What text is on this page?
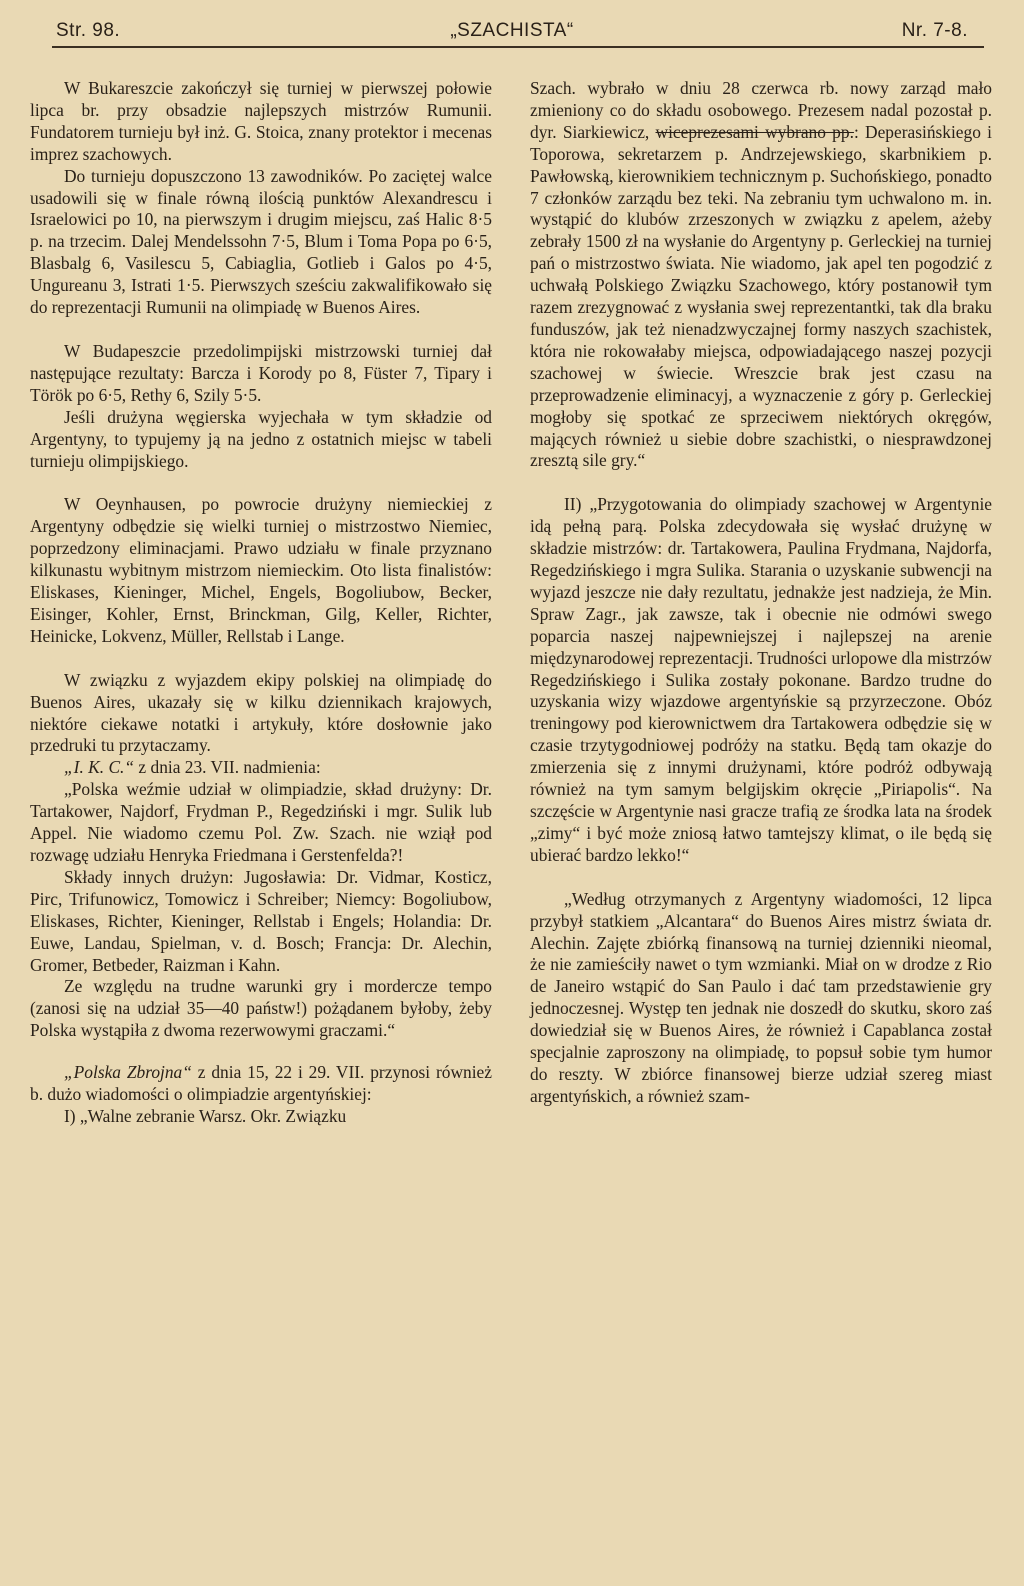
Str. 98.	„SZACHISTA“	Nr. 7-8.

W Bukareszcie zakończył się turniej w pierwszej połowie lipca br. przy obsadzie najlepszych mistrzów Rumunii. Fundatorem turnieju był inż. G. Stoica, znany protektor i mecenas imprez szachowych.

Do turnieju dopuszczono 13 zawodników. Po zaciętej walce usadowili się w finale równą ilością punktów Alexandrescu i Israelowici po 10, na pierwszym i drugim miejscu, zaś Halic 8·5 p. na trzecim. Dalej Mendelssohn 7·5, Blum i Toma Popa po 6·5, Blasbalg 6, Vasilescu 5, Cabiaglia, Gotlieb i Galos po 4·5, Ungureanu 3, Istrati 1·5. Pierwszych sześciu zakwalifikowało się do reprezentacji Rumunii na olimpiadę w Buenos Aires.

W Budapeszcie przedolimpijski mistrzowski turniej dał następujące rezultaty: Barcza i Korody po 8, Füster 7, Tipary i Török po 6·5, Rethy 6, Szily 5·5.

Jeśli drużyna węgierska wyjechała w tym składzie od Argentyny, to typujemy ją na jedno z ostatnich miejsc w tabeli turnieju olimpijskiego.

W Oeynhausen, po powrocie drużyny niemieckiej z Argentyny odbędzie się wielki turniej o mistrzostwo Niemiec, poprzedzony eliminacjami. Prawo udziału w finale przyznano kilkunastu wybitnym mistrzom niemieckim. Oto lista finalistów: Eliskases, Kieninger, Michel, Engels, Bogoliubow, Becker, Eisinger, Kohler, Ernst, Brinckman, Gilg, Keller, Richter, Heinicke, Lokvenz, Müller, Rellstab i Lange.

W związku z wyjazdem ekipy polskiej na olimpiadę do Buenos Aires, ukazały się w kilku dziennikach krajowych, niektóre ciekawe notatki i artykuły, które dosłownie jako przedruki tu przytaczamy.

„I. K. C.“ z dnia 23. VII. nadmienia:

„Polska weźmie udział w olimpiadzie, skład drużyny: Dr. Tartakower, Najdorf, Frydman P., Regedziński i mgr. Sulik lub Appel. Nie wiadomo czemu Pol. Zw. Szach. nie wziął pod rozwagę udziału Henryka Friedmana i Gerstenfelda?!

Składy innych drużyn: Jugosławia: Dr. Vidmar, Kosticz, Pirc, Trifunowicz, Tomowicz i Schreiber; Niemcy: Bogoliubow, Eliskases, Richter, Kieninger, Rellstab i Engels; Holandia: Dr. Euwe, Landau, Spielman, v. d. Bosch; Francja: Dr. Alechin, Gromer, Betbeder, Raizman i Kahn.

Ze względu na trudne warunki gry i mordercze tempo (zanosi się na udział 35—40 państw!) pożądanem byłoby, żeby Polska wystąpiła z dwoma rezerwowymi graczami.“

„Polska Zbrojna“ z dnia 15, 22 i 29. VII. przynosi również b. dużo wiadomości o olimpiadzie argentyńskiej:

I) „Walne zebranie Warsz. Okr. Związku

Szach. wybrało w dniu 28 czerwca rb. nowy zarząd mało zmieniony co do składu osobowego. Prezesem nadal pozostał p. dyr. Siarkiewicz, wiceprezesami wybrano pp.: Deperasińskiego i Toporowa, sekretarzem p. Andrzejewskiego, skarbnikiem p. Pawłowską, kierownikiem technicznym p. Suchońskiego, ponadto 7 członków zarządu bez teki. Na zebraniu tym uchwalono m. in. wystąpić do klubów zrzeszonych w związku z apelem, ażeby zebrały 1500 zł na wysłanie do Argentyny p. Gerleckiej na turniej pań o mistrzostwo świata. Nie wiadomo, jak apel ten pogodzić z uchwałą Polskiego Związku Szachowego, który postanowił tym razem zrezygnować z wysłania swej reprezentantki, tak dla braku funduszów, jak też nienadzwyczajnej formy naszych szachistek, która nie rokowałaby miejsca, odpowiadającego naszej pozycji szachowej w świecie. Wreszcie brak jest czasu na przeprowadzenie eliminacyj, a wyznaczenie z góry p. Gerleckiej mogłoby się spotkać ze sprzeciwem niektórych okręgów, mających również u siebie dobre szachistki, o niesprawdzonej zresztą sile gry.“

II) „Przygotowania do olimpiady szachowej w Argentynie idą pełną parą. Polska zdecydowała się wysłać drużynę w składzie mistrzów: dr. Tartakowera, Paulina Frydmana, Najdorfa, Regedzińskiego i mgra Sulika. Starania o uzyskanie subwencji na wyjazd jeszcze nie dały rezultatu, jednakże jest nadzieja, że Min. Spraw Zagr., jak zawsze, tak i obecnie nie odmówi swego poparcia naszej najpewniejszej i najlepszej na arenie międzynarodowej reprezentacji. Trudności urlopowe dla mistrzów Regedzińskiego i Sulika zostały pokonane. Bardzo trudne do uzyskania wizy wjazdowe argentyńskie są przyrzeczone. Obóz treningowy pod kierownictwem dra Tartakowera odbędzie się w czasie trzytygodniowej podróży na statku. Będą tam okazje do zmierzenia się z innymi drużynami, które podróż odbywają również na tym samym belgijskim okręcie „Piriapolis“. Na szczęście w Argentynie nasi gracze trafią ze środka lata na środek „zimy“ i być może zniosą łatwo tamtejszy klimat, o ile będą się ubierać bardzo lekko!“

„Według otrzymanych z Argentyny wiadomości, 12 lipca przybył statkiem „Alcantara“ do Buenos Aires mistrz świata dr. Alechin. Zajęte zbiórką finansową na turniej dzienniki nieomal, że nie zamieściły nawet o tym wzmianki. Miał on w drodze z Rio de Janeiro wstąpić do San Paulo i dać tam przedstawienie gry jednoczesnej. Występ ten jednak nie doszedł do skutku, skoro zaś dowiedział się w Buenos Aires, że również i Capablanca został specjalnie zaproszony na olimpiadę, to popsuł sobie tym humor do reszty. W zbiórce finansowej bierze udział szereg miast argentyńskich, a również szam-
